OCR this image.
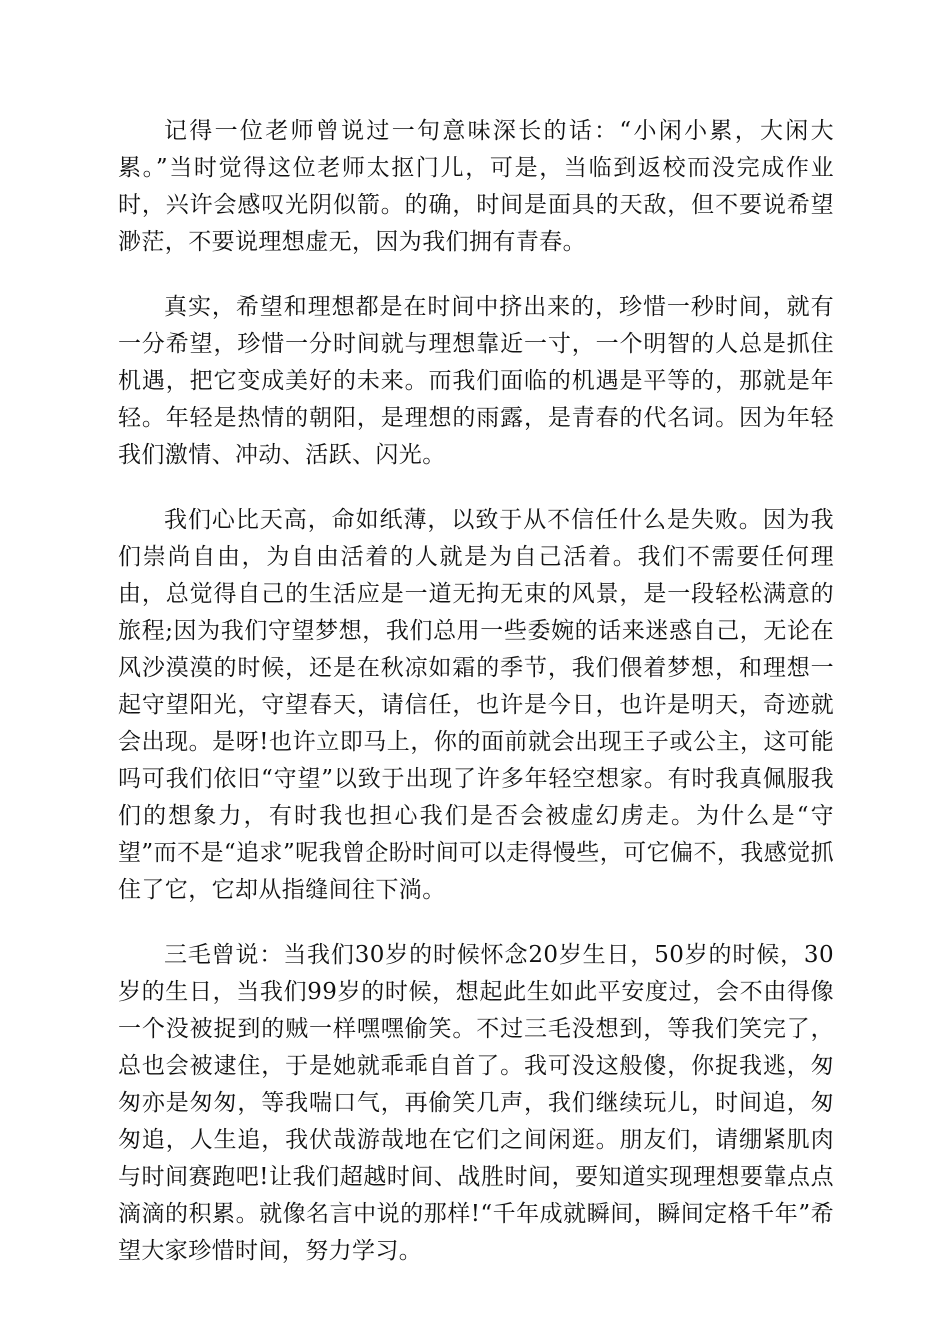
记得一位老师曾说过一句意味深长的话：“小闲小累，大闲大累。”当时觉得这位老师太抠门儿，可是，当临到返校而没完成作业时，兴许会感叹光阴似箭。的确，时间是面具的天敌，但不要说希望渺茫，不要说理想虚无，因为我们拥有青春。

真实，希望和理想都是在时间中挤出来的，珍惜一秒时间，就有一分希望，珍惜一分时间就与理想靠近一寸，一个明智的人总是抓住机遇，把它变成美好的未来。而我们面临的机遇是平等的，那就是年轻。年轻是热情的朝阳，是理想的雨露，是青春的代名词。因为年轻我们激情、冲动、活跃、闪光。

我们心比天高，命如纸薄，以致于从不信任什么是失败。因为我们崇尚自由，为自由活着的人就是为自己活着。我们不需要任何理由，总觉得自己的生活应是一道无拘无束的风景，是一段轻松满意的旅程;因为我们守望梦想，我们总用一些委婉的话来迷惑自己，无论在风沙漠漠的时候，还是在秋凉如霜的季节，我们偎着梦想，和理想一起守望阳光，守望春天，请信任，也许是今日，也许是明天，奇迹就会出现。是呀!也许立即马上，你的面前就会出现王子或公主，这可能吗可我们依旧“守望”以致于出现了许多年轻空想家。有时我真佩服我们的想象力，有时我也担心我们是否会被虚幻虏走。为什么是“守望”而不是“追求”呢我曾企盼时间可以走得慢些，可它偏不，我感觉抓住了它，它却从指缝间往下淌。

三毛曾说：当我们30岁的时候怀念20岁生日，50岁的时候，30岁的生日，当我们99岁的时候，想起此生如此平安度过，会不由得像一个没被捉到的贼一样嘿嘿偷笑。不过三毛没想到，等我们笑完了，总也会被逮住，于是她就乖乖自首了。我可没这般傻，你捉我逃，匆匆亦是匆匆，等我喘口气，再偷笑几声，我们继续玩儿，时间追，匆匆追，人生追，我伏哉游哉地在它们之间闲逛。朋友们，请绷紧肌肉与时间赛跑吧!让我们超越时间、战胜时间，要知道实现理想要靠点点滴滴的积累。就像名言中说的那样!“千年成就瞬间，瞬间定格千年”希望大家珍惜时间，努力学习。
